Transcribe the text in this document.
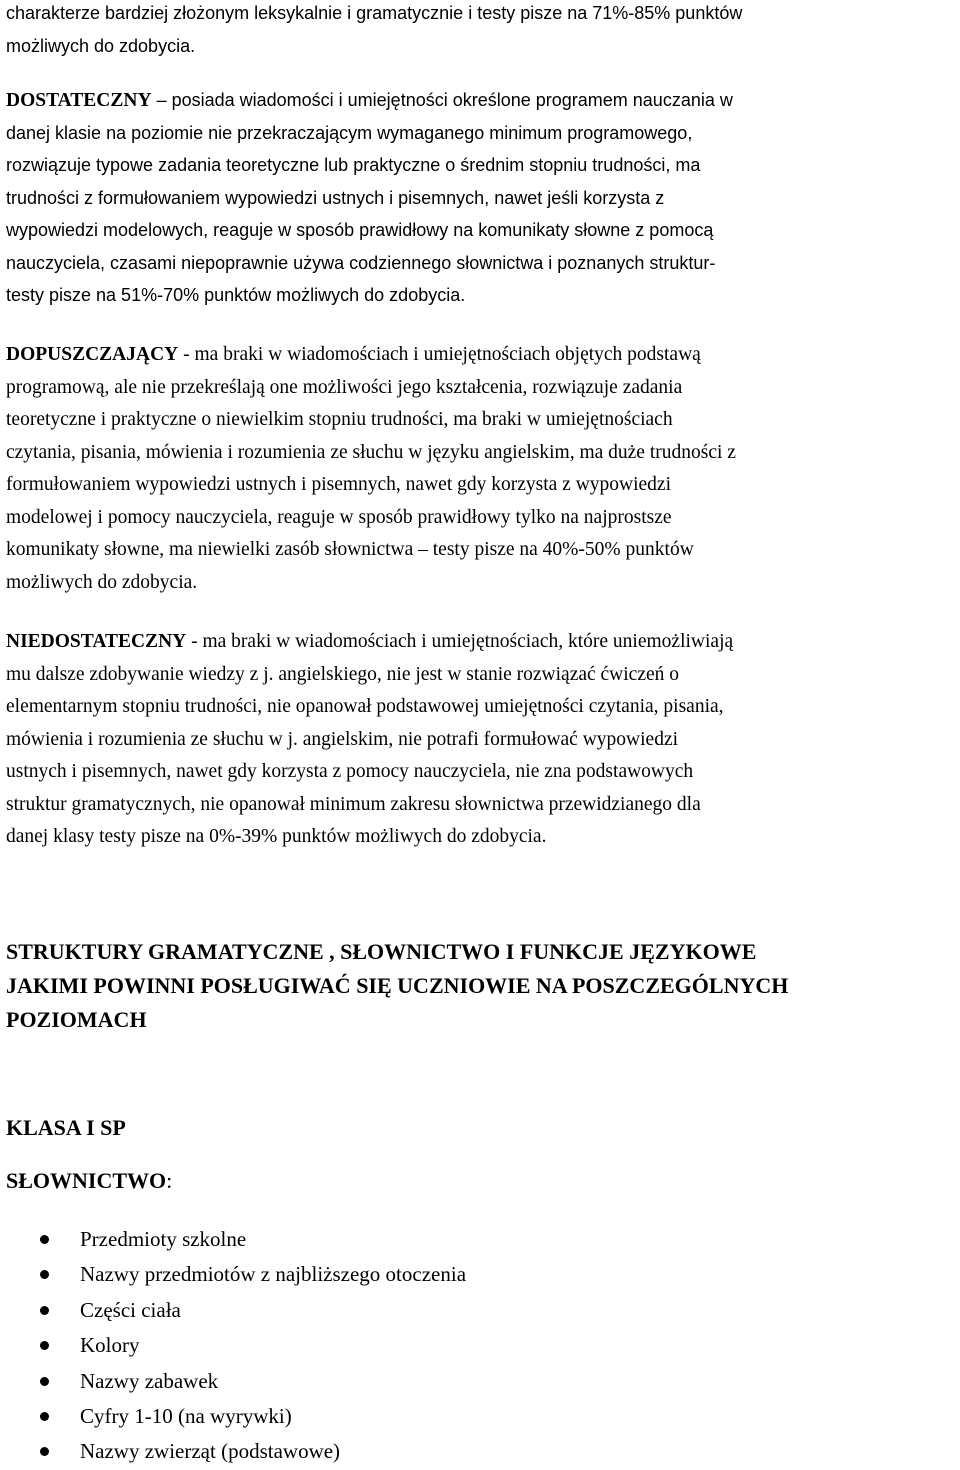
charakterze bardziej złożonym leksykalnie i gramatycznie i testy pisze na 71%-85% punktów
możliwych do zdobycia.

DOSTATECZNY – posiada wiadomości i umiejętności określone programem nauczania w
danej klasie na poziomie nie przekraczającym wymaganego minimum programowego,
rozwiązuje typowe zadania teoretyczne lub praktyczne o średnim stopniu trudności, ma
trudności z formułowaniem wypowiedzi ustnych i pisemnych, nawet jeśli korzysta z
wypowiedzi modelowych, reaguje w sposób prawidłowy na komunikaty słowne z pomocą
nauczyciela, czasami niepoprawnie używa codziennego słownictwa i poznanych struktur-
testy pisze na 51%-70% punktów możliwych do zdobycia.

DOPUSZCZAJĄCY - ma braki w wiadomościach i umiejętnościach objętych podstawą
programową, ale nie przekreślają one możliwości jego kształcenia, rozwiązuje zadania
teoretyczne i praktyczne o niewielkim stopniu trudności, ma braki w umiejętnościach
czytania, pisania, mówienia i rozumienia ze słuchu w języku angielskim, ma duże trudności z
formułowaniem wypowiedzi ustnych i pisemnych, nawet gdy korzysta z wypowiedzi
modelowej i pomocy nauczyciela, reaguje w sposób prawidłowy tylko na najprostsze
komunikaty słowne, ma niewielki zasób słownictwa – testy pisze na 40%-50% punktów
możliwych do zdobycia.

NIEDOSTATECZNY - ma braki w wiadomościach i umiejętnościach, które uniemożliwiają
mu dalsze zdobywanie wiedzy z j. angielskiego, nie jest w stanie rozwiązać ćwiczeń o
elementarnym stopniu trudności, nie opanował podstawowej umiejętności czytania, pisania,
mówienia i rozumienia ze słuchu w j. angielskim, nie potrafi formułować wypowiedzi
ustnych i pisemnych, nawet gdy korzysta z pomocy nauczyciela, nie zna podstawowych
struktur gramatycznych, nie opanował minimum zakresu słownictwa przewidzianego dla
danej klasy testy pisze na 0%-39% punktów możliwych do zdobycia.

STRUKTURY GRAMATYCZNE , SŁOWNICTWO I FUNKCJE JĘZYKOWE
JAKIMI POWINNI POSŁUGIWAĆ SIĘ UCZNIOWIE NA POSZCZEGÓLNYCH
POZIOMACH
KLASA I SP
SŁOWNICTWO:
Przedmioty szkolne
Nazwy przedmiotów z najbliższego otoczenia
Części ciała
Kolory
Nazwy zabawek
Cyfry 1-10 (na wyrywki)
Nazwy zwierząt (podstawowe)
